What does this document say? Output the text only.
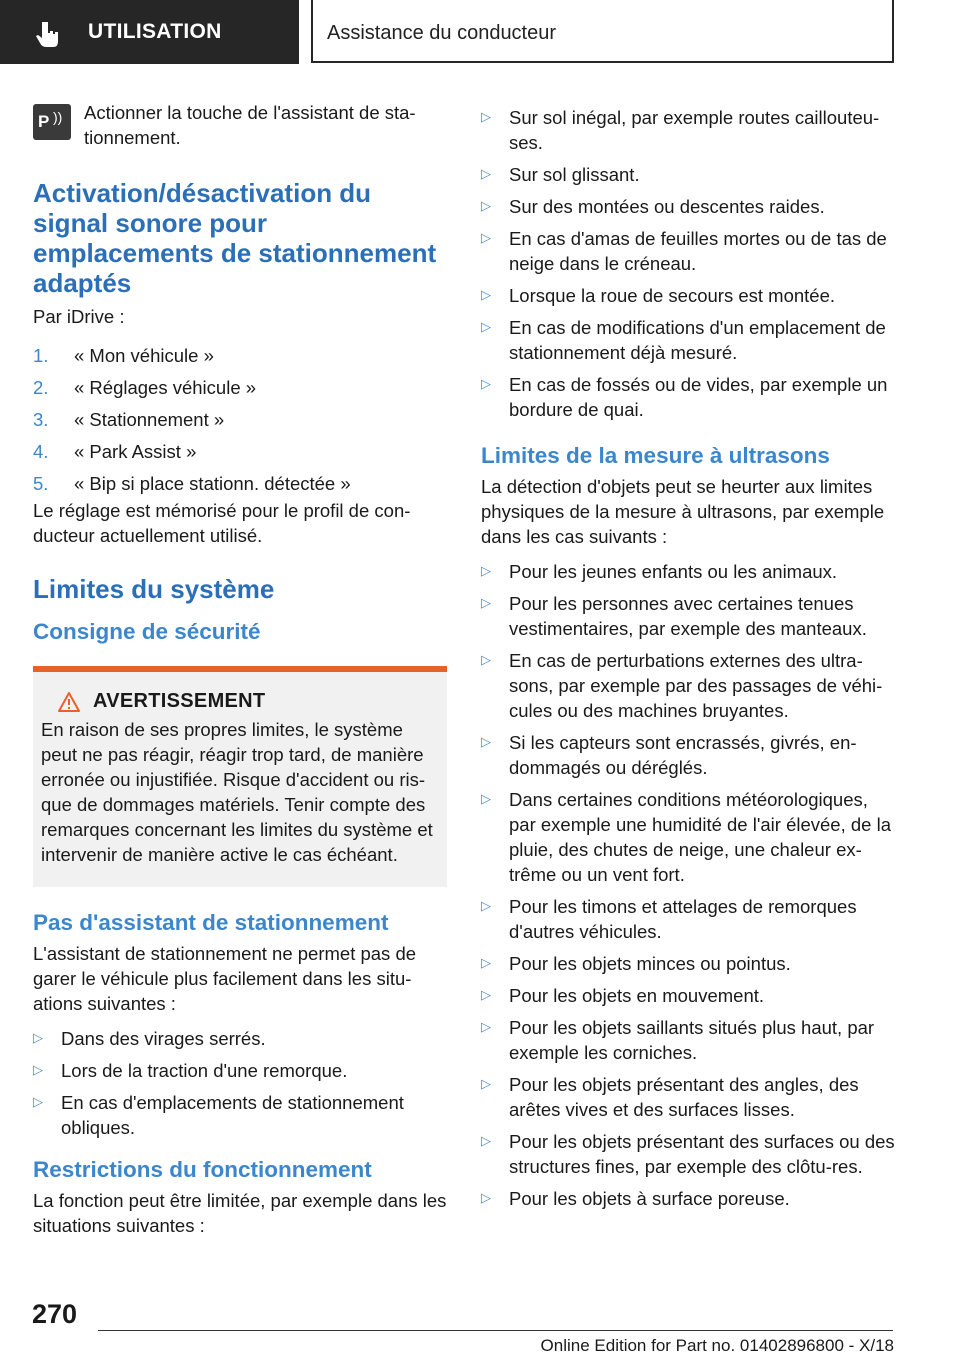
UTILISATION	Assistance du conducteur
P )) Actionner la touche de l'assistant de sta-
tionnement.

Activation/désactivation du signal sonore pour emplacements de stationnement adaptés

Par iDrive :

1. « Mon véhicule »
2. « Réglages véhicule »
3. « Stationnement »
4. « Park Assist »
5. « Bip si place stationn. détectée »

Le réglage est mémorisé pour le profil de con-
ducteur actuellement utilisé.

Limites du système
Consigne de sécurité
AVERTISSEMENT

En raison de ses propres limites, le système peut ne pas réagir, réagir trop tard, de manière erronée ou injustifiée. Risque d'accident ou ris-que de dommages matériels. Tenir compte des remarques concernant les limites du système et intervenir de manière active le cas échéant.

Pas d'assistant de stationnement

L'assistant de stationnement ne permet pas de garer le véhicule plus facilement dans les situ-ations suivantes :

▷ Dans des virages serrés.
▷ Lors de la traction d'une remorque.
▷ En cas d'emplacements de stationnement obliques.
Restrictions du fonctionnement

La fonction peut être limitée, par exemple dans les situations suivantes :

▷ Sur sol inégal, par exemple routes caillouteu-ses.
▷ Sur sol glissant.
▷ Sur des montées ou descentes raides.
▷ En cas d'amas de feuilles mortes ou de tas de neige dans le créneau.
▷ Lorsque la roue de secours est montée.
▷ En cas de modifications d'un emplacement de stationnement déjà mesuré.
▷ En cas de fossés ou de vides, par exemple un bordure de quai.
Limites de la mesure à ultrasons

La détection d'objets peut se heurter aux limites physiques de la mesure à ultrasons, par exemple dans les cas suivants :

▷ Pour les jeunes enfants ou les animaux.
▷ Pour les personnes avec certaines tenues vestimentaires, par exemple des manteaux.
▷ En cas de perturbations externes des ultra-sons, par exemple par des passages de véhi-cules ou des machines bruyantes.
▷ Si les capteurs sont encrassés, givrés, en-dommagés ou déréglés.
▷ Dans certaines conditions météorologiques, par exemple une humidité de l'air élevée, de la pluie, des chutes de neige, une chaleur ex-trême ou un vent fort.
▷ Pour les timons et attelages de remorques d'autres véhicules.
▷ Pour les objets minces ou pointus.
▷ Pour les objets en mouvement.
▷ Pour les objets saillants situés plus haut, par exemple les corniches.
▷ Pour les objets présentant des angles, des arêtes vives et des surfaces lisses.
▷ Pour les objets présentant des surfaces ou des structures fines, par exemple des clôtu-res.
▷ Pour les objets à surface poreuse.
270
Online Edition for Part no. 01402896800 - X/18
